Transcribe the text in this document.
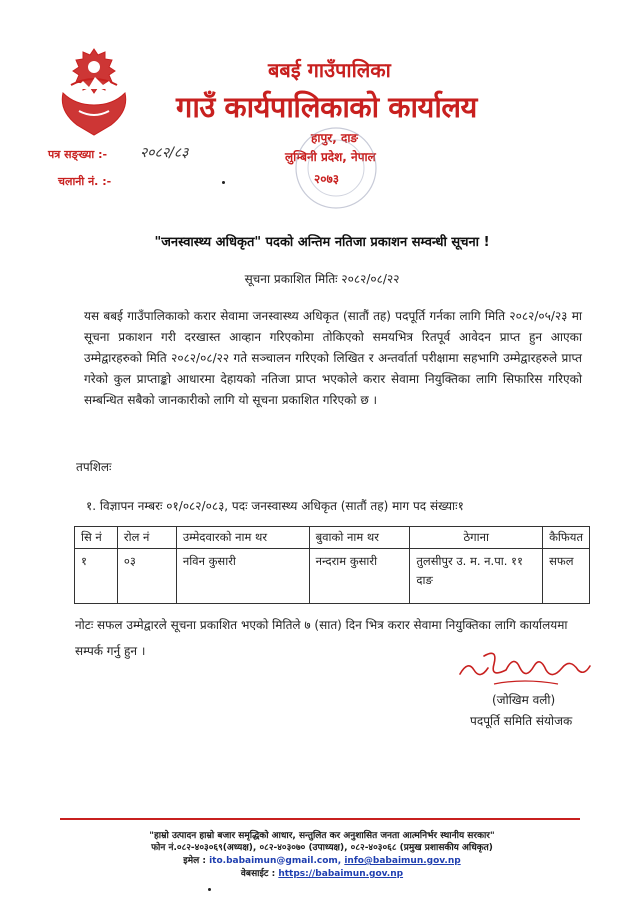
बबई गाउँपालिका
गाउँ कार्यपालिकाको कार्यालय
हापुर, दाङ
लुम्बिनी प्रदेश, नेपाल
२०७३
पत्र सङ्ख्या :- २०८२/८३
चलानी नं. :-
"जनस्वास्थ्य अधिकृत" पदको अन्तिम नतिजा प्रकाशन सम्वन्धी सूचना !
सूचना प्रकाशित मितिः २०८२/०८/२२
यस बबई गाउँपालिकाको करार सेवामा जनस्वास्थ्य अधिकृत (सातौं तह) पदपूर्ति गर्नका लागि मिति २०८२/०५/२३ मा सूचना प्रकाशन गरी दरखास्त आव्हान गरिएकोमा तोकिएको समयभित्र रितपूर्व आवेदन प्राप्त हुन आएका उम्मेद्वारहरुको मिति २०८२/०८/२२ गते सञ्चालन गरिएको लिखित र अन्तर्वार्ता परीक्षामा सहभागि उम्मेद्वारहरुले प्राप्त गरेको कुल प्राप्ताङ्को आधारमा देहायको नतिजा प्राप्त भएकोले करार सेवामा नियुक्तिका लागि सिफारिस गरिएको सम्बन्धित सबैको जानकारीको लागि यो सूचना प्रकाशित गरिएको छ ।
तपशिलः
१. विज्ञापन नम्बरः ०१/०८२/०८३, पदः जनस्वास्थ्य अधिकृत (सातौं तह) माग पद संख्याः१
सि नं	रोल नं	उम्मेदवारको नाम थर	बुवाको नाम थर	ठेगाना	कैफियत
१	०३	नविन कुसारी	नन्दराम कुसारी	तुलसीपुर उ. म. न.पा. ११ दाङ	सफल
नोटः सफल उम्मेद्वारले सूचना प्रकाशित भएको मितिले ७ (सात) दिन भित्र करार सेवामा नियुक्तिका लागि कार्यालयमा सम्पर्क गर्नु हुन ।
(जोखिम वली)
पदपूर्ति समिति संयोजक
"हाम्रो उत्पादन हाम्रो बजार समृद्धिको आधार, सन्तुलित कर अनुशासित जनता आत्मनिर्भर स्थानीय सरकार"
फोन नं.०८२-४०३०६९(अध्यक्ष), ०८२-४०३०७० (उपाध्यक्ष), ०८२-४०३०६८ (प्रमुख प्रशासकीय अधिकृत)
इमेल : ito.babaimun@gmail.com, info@babaimun.gov.np
वेबसाईट : https://babaimun.gov.np
